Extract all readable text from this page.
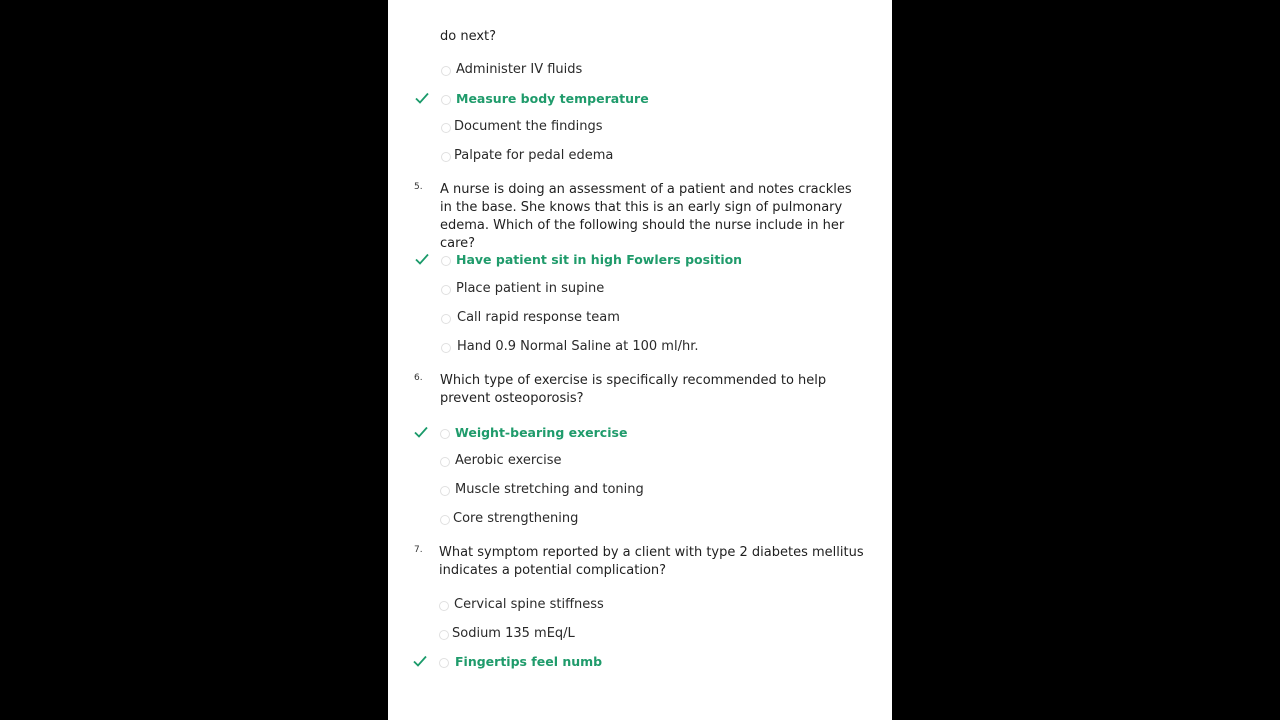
do next?
Administer IV fluids
Measure body temperature
Document the findings
Palpate for pedal edema
5.	A nurse is doing an assessment of a patient and notes crackles in the base. She knows that this is an early sign of pulmonary edema. Which of the following should the nurse include in her care?
Have patient sit in high Fowlers position
Place patient in supine
Call rapid response team
Hand 0.9 Normal Saline at 100 ml/hr.
6.	Which type of exercise is specifically recommended to help prevent osteoporosis?
Weight-bearing exercise
Aerobic exercise
Muscle stretching and toning
Core strengthening
7.	What symptom reported by a client with type 2 diabetes mellitus indicates a potential complication?
Cervical spine stiffness
Sodium 135 mEq/L
Fingertips feel numb
